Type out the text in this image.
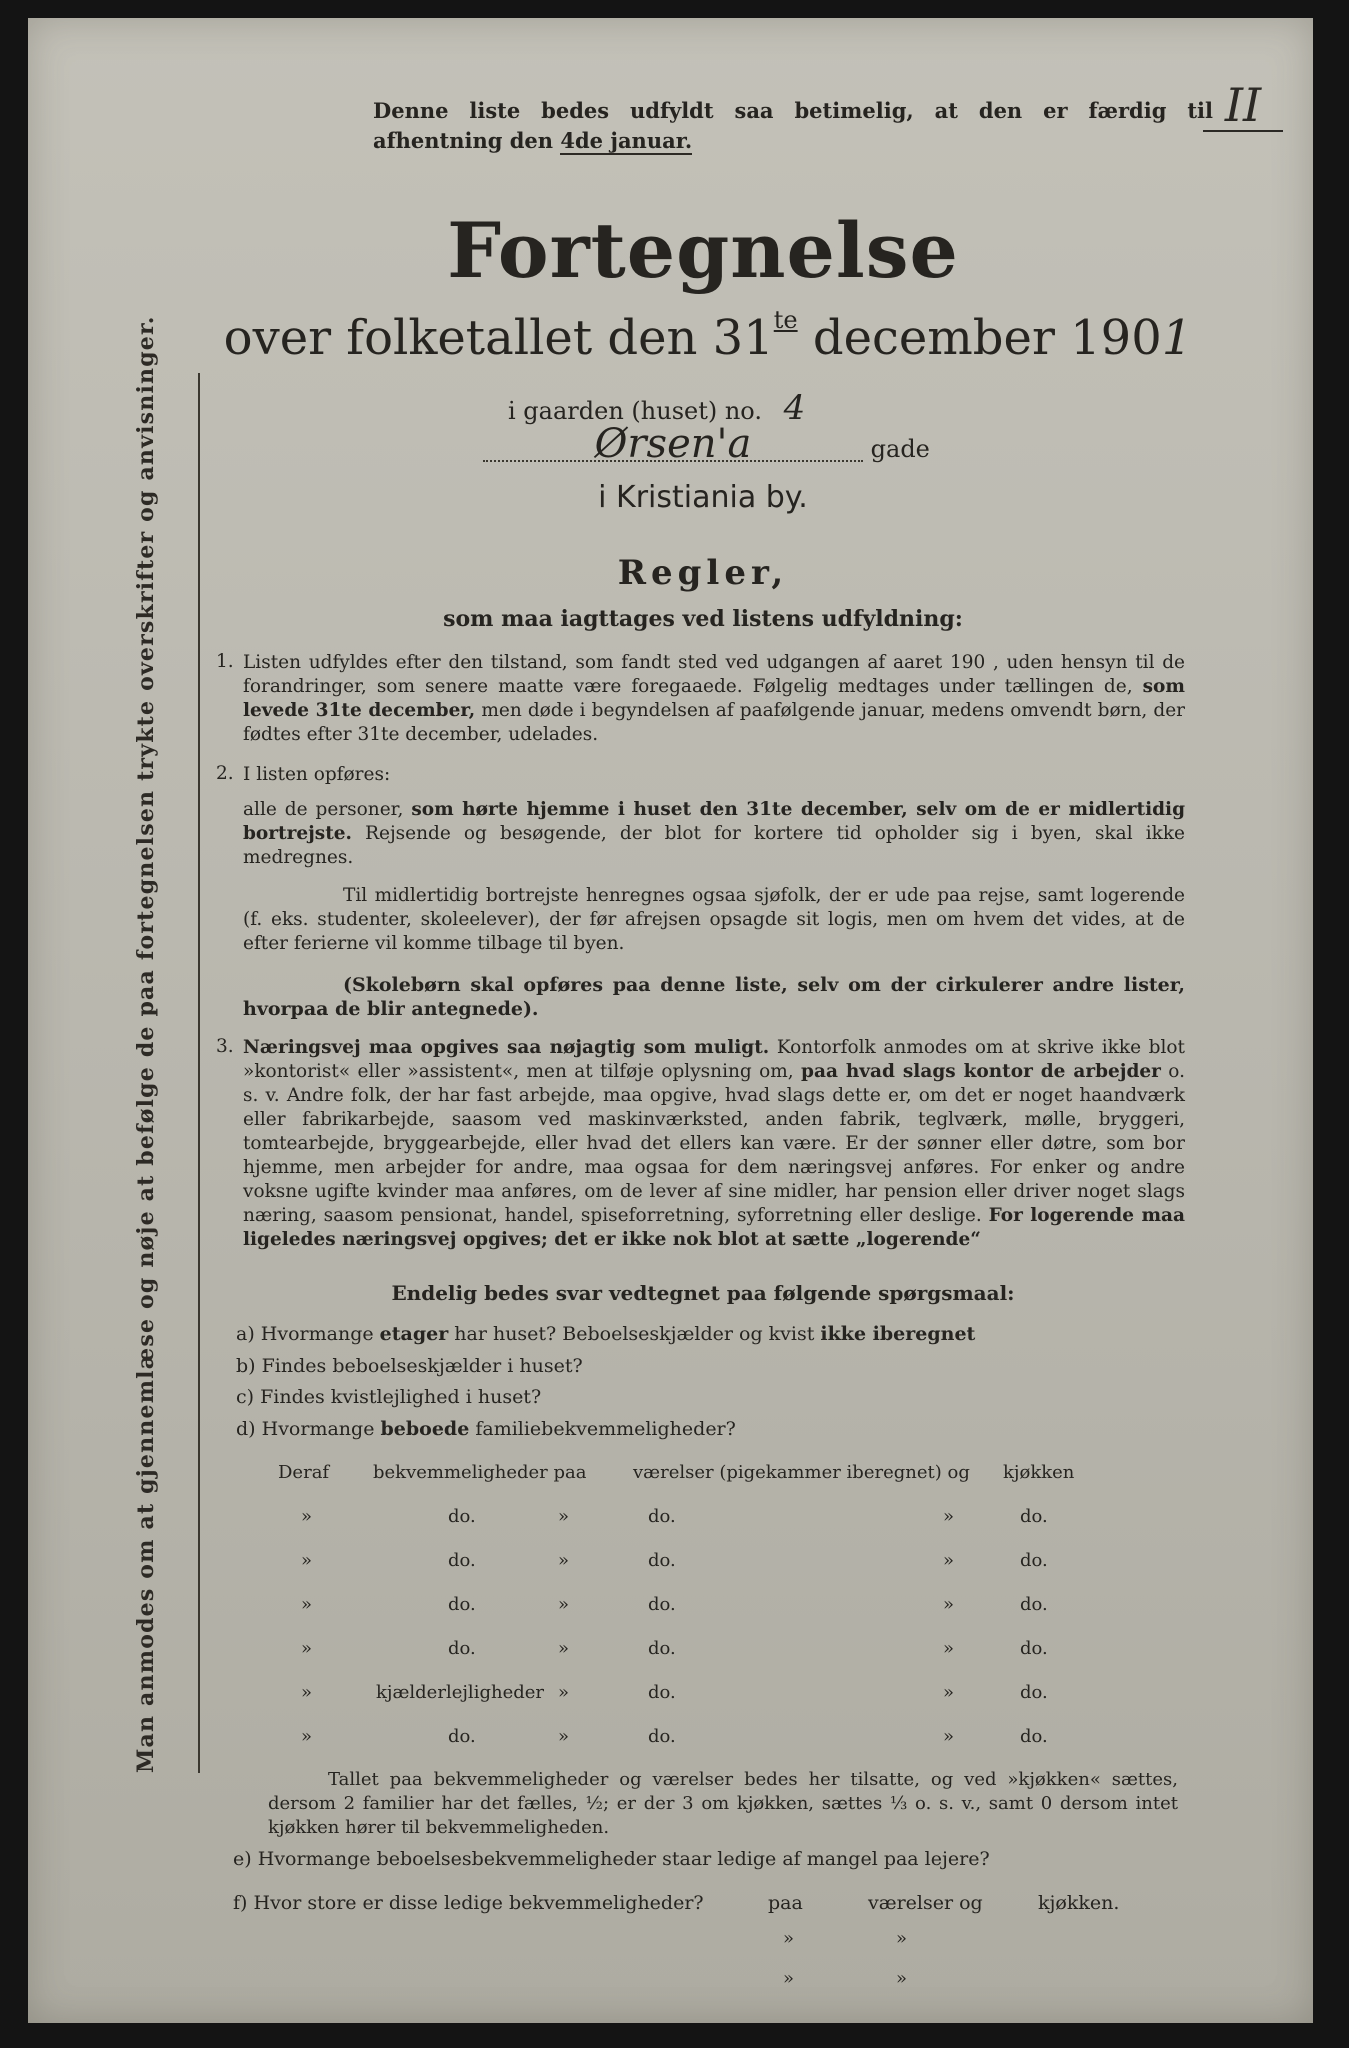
Man anmodes om at gjennemlæse og nøje at befølge de paa fortegnelsen trykte overskrifter og anvisninger.
Denne liste bedes udfyldt saa betimelig, at den er færdig til afhentning den 4de januar.
II
Fortegnelse
over folketallet den $31^{te}$ december 1901
i gaarden (huset) no. 4
Ørsen'a	gade
i Kristiania by.
Regler,
som maa iagttages ved listens udfyldning:
1. Listen udfyldes efter den tilstand, som fandt sted ved udgangen af aaret 190 , uden hensyn til de forandringer, som senere maatte være foregaaede. Følgelig medtages under tællingen de, som levede 31te december, men døde i begyndelsen af paafølgende januar, medens omvendt børn, der fødtes efter 31te december, udelades.
2. I listen opføres:
alle de personer, som hørte hjemme i huset den 31te december, selv om de er midlertidig bortrejste. Rejsende og besøgende, der blot for kortere tid opholder sig i byen, skal ikke medregnes.
Til midlertidig bortrejste henregnes ogsaa sjøfolk, der er ude paa rejse, samt logerende (f. eks. studenter, skoleelever), der før afrejsen opsagde sit logis, men om hvem det vides, at de efter ferierne vil komme tilbage til byen.
(Skolebørn skal opføres paa denne liste, selv om der cirkulerer andre lister, hvorpaa de blir antegnede).
3. Næringsvej maa opgives saa nøjagtig som muligt. Kontorfolk anmodes om at skrive ikke blot »kontorist« eller »assistent«, men at tilføje oplysning om, paa hvad slags kontor de arbejder o. s. v. Andre folk, der har fast arbejde, maa opgive, hvad slags dette er, om det er noget haandværk eller fabrikarbejde, saasom ved maskinværksted, anden fabrik, teglværk, mølle, bryggeri, tomtearbejde, bryggearbejde, eller hvad det ellers kan være. Er der sønner eller døtre, som bor hjemme, men arbejder for andre, maa ogsaa for dem næringsvej anføres. For enker og andre voksne ugifte kvinder maa anføres, om de lever af sine midler, har pension eller driver noget slags næring, saasom pensionat, handel, spiseforretning, syforretning eller deslige. For logerende maa ligeledes næringsvej opgives; det er ikke nok blot at sætte „logerende“
Endelig bedes svar vedtegnet paa følgende spørgsmaal:
a) Hvormange etager har huset? Beboelseskjælder og kvist ikke iberegnet
b) Findes beboelseskjælder i huset?
c) Findes kvistlejlighed i huset?
d) Hvormange beboede familiebekvemmeligheder?
Deraf bekvemmeligheder paa	værelser (pigekammer iberegnet) og kjøkken
»	do.	»	do.	»	do.
»	do.	»	do.	»	do.
»	do.	»	do.	»	do.
»	do.	»	do.	»	do.
»	kjælderlejligheder »	do.	»	do.
»	do.	»	do.	»	do.
Tallet paa bekvemmeligheder og værelser bedes her tilsatte, og ved »kjøkken« sættes, dersom 2 familier har det fælles, ½; er der 3 om kjøkken, sættes ⅓ o. s. v., samt 0 dersom intet kjøkken hører til bekvemmeligheden.
e) Hvormange beboelsesbekvemmeligheder staar ledige af mangel paa lejere?
f) Hvor store er disse ledige bekvemmeligheder?	paa	værelser og	kjøkken.
»	»
»	»
